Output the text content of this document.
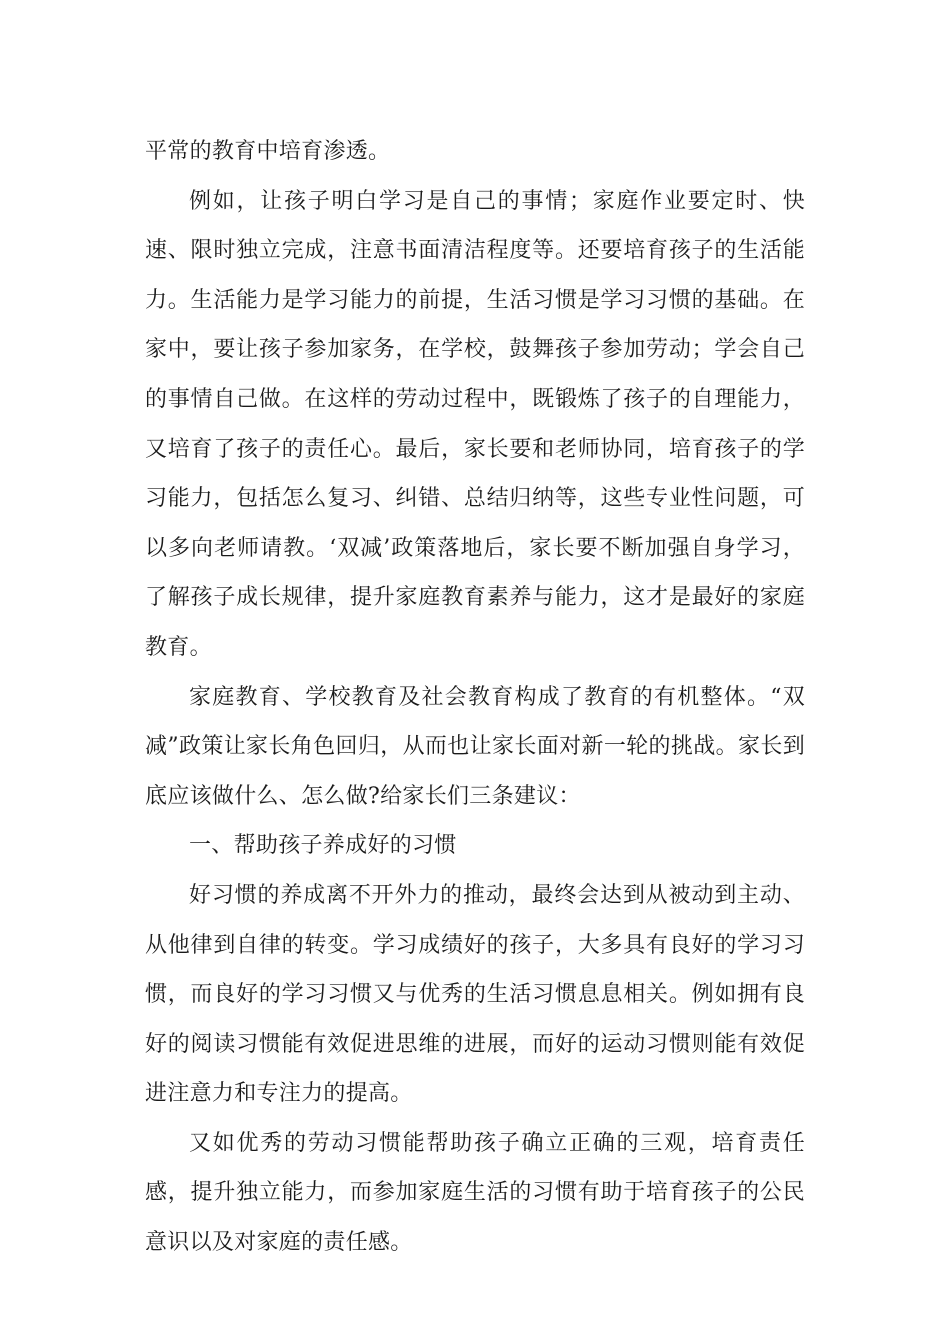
平常的教育中培育渗透。

例如，让孩子明白学习是自己的事情；家庭作业要定时、快速、限时独立完成，注意书面清洁程度等。还要培育孩子的生活能力。生活能力是学习能力的前提，生活习惯是学习习惯的基础。在家中，要让孩子参加家务，在学校，鼓舞孩子参加劳动；学会自己的事情自己做。在这样的劳动过程中，既锻炼了孩子的自理能力，又培育了孩子的责任心。最后，家长要和老师协同，培育孩子的学习能力，包括怎么复习、纠错、总结归纳等，这些专业性问题，可以多向老师请教。‘双减’政策落地后，家长要不断加强自身学习，了解孩子成长规律，提升家庭教育素养与能力，这才是最好的家庭教育。

家庭教育、学校教育及社会教育构成了教育的有机整体。“双减”政策让家长角色回归，从而也让家长面对新一轮的挑战。家长到底应该做什么、怎么做?给家长们三条建议：

一、帮助孩子养成好的习惯

好习惯的养成离不开外力的推动，最终会达到从被动到主动、从他律到自律的转变。学习成绩好的孩子，大多具有良好的学习习惯，而良好的学习习惯又与优秀的生活习惯息息相关。例如拥有良好的阅读习惯能有效促进思维的进展，而好的运动习惯则能有效促进注意力和专注力的提高。

又如优秀的劳动习惯能帮助孩子确立正确的三观，培育责任感，提升独立能力，而参加家庭生活的习惯有助于培育孩子的公民意识以及对家庭的责任感。
